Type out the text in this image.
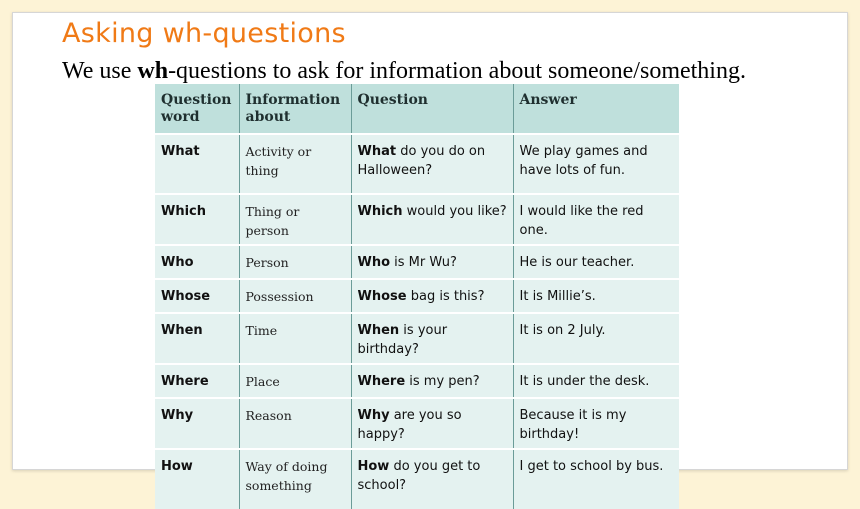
Asking wh-questions
We use wh-questions to ask for information about someone/something.
Question word	Information about	Question	Answer
What	Activity or thing	What do you do on Halloween?	We play games and have lots of fun.
Which	Thing or person	Which would you like?	I would like the red one.
Who	Person	Who is Mr Wu?	He is our teacher.
Whose	Possession	Whose bag is this?	It is Millie’s.
When	Time	When is your birthday?	It is on 2 July.
Where	Place	Where is my pen?	It is under the desk.
Why	Reason	Why are you so happy?	Because it is my birthday!
How	Way of doing something	How do you get to school?	I get to school by bus.
